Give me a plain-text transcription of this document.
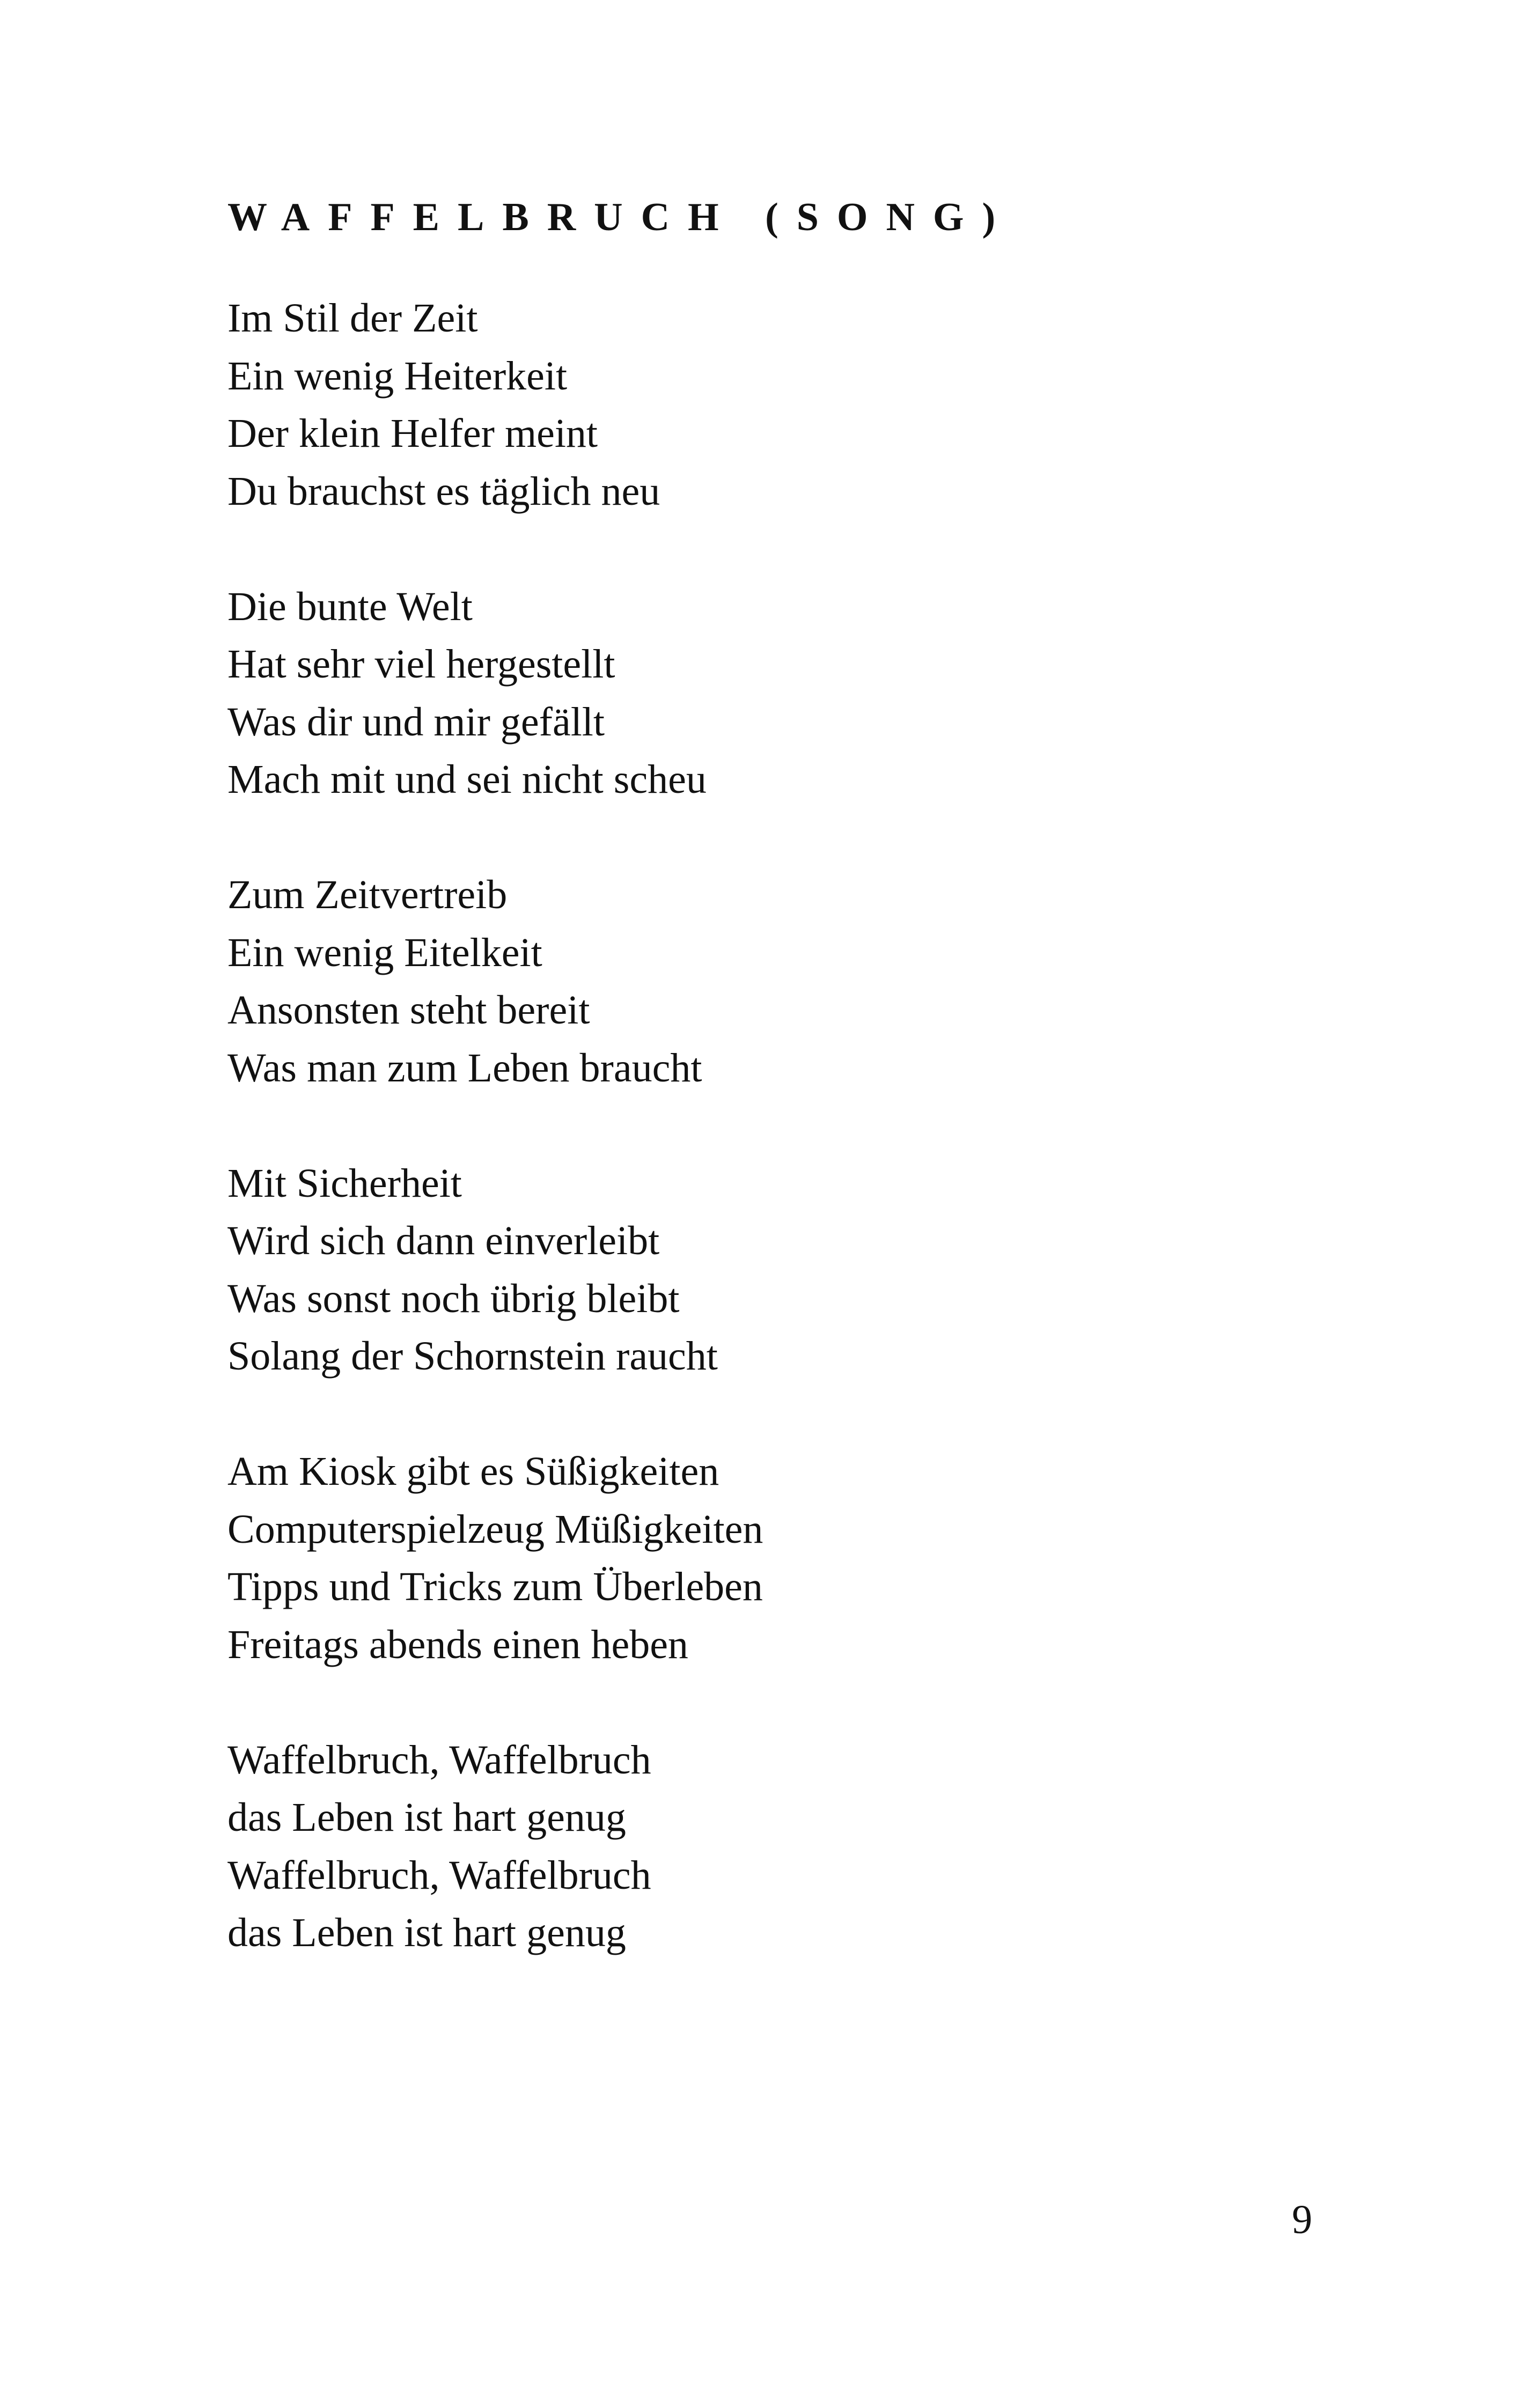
WAFFELBRUCH (SONG)
Im Stil der Zeit
Ein wenig Heiterkeit
Der klein Helfer meint
Du brauchst es täglich neu
Die bunte Welt
Hat sehr viel hergestellt
Was dir und mir gefällt
Mach mit und sei nicht scheu
Zum Zeitvertreib
Ein wenig Eitelkeit
Ansonsten steht bereit
Was man zum Leben braucht
Mit Sicherheit
Wird sich dann einverleibt
Was sonst noch übrig bleibt
Solang der Schornstein raucht
Am Kiosk gibt es Süßigkeiten
Computerspielzeug Müßigkeiten
Tipps und Tricks zum Überleben
Freitags abends einen heben
Waffelbruch, Waffelbruch
das Leben ist hart genug
Waffelbruch, Waffelbruch
das Leben ist hart genug
9
